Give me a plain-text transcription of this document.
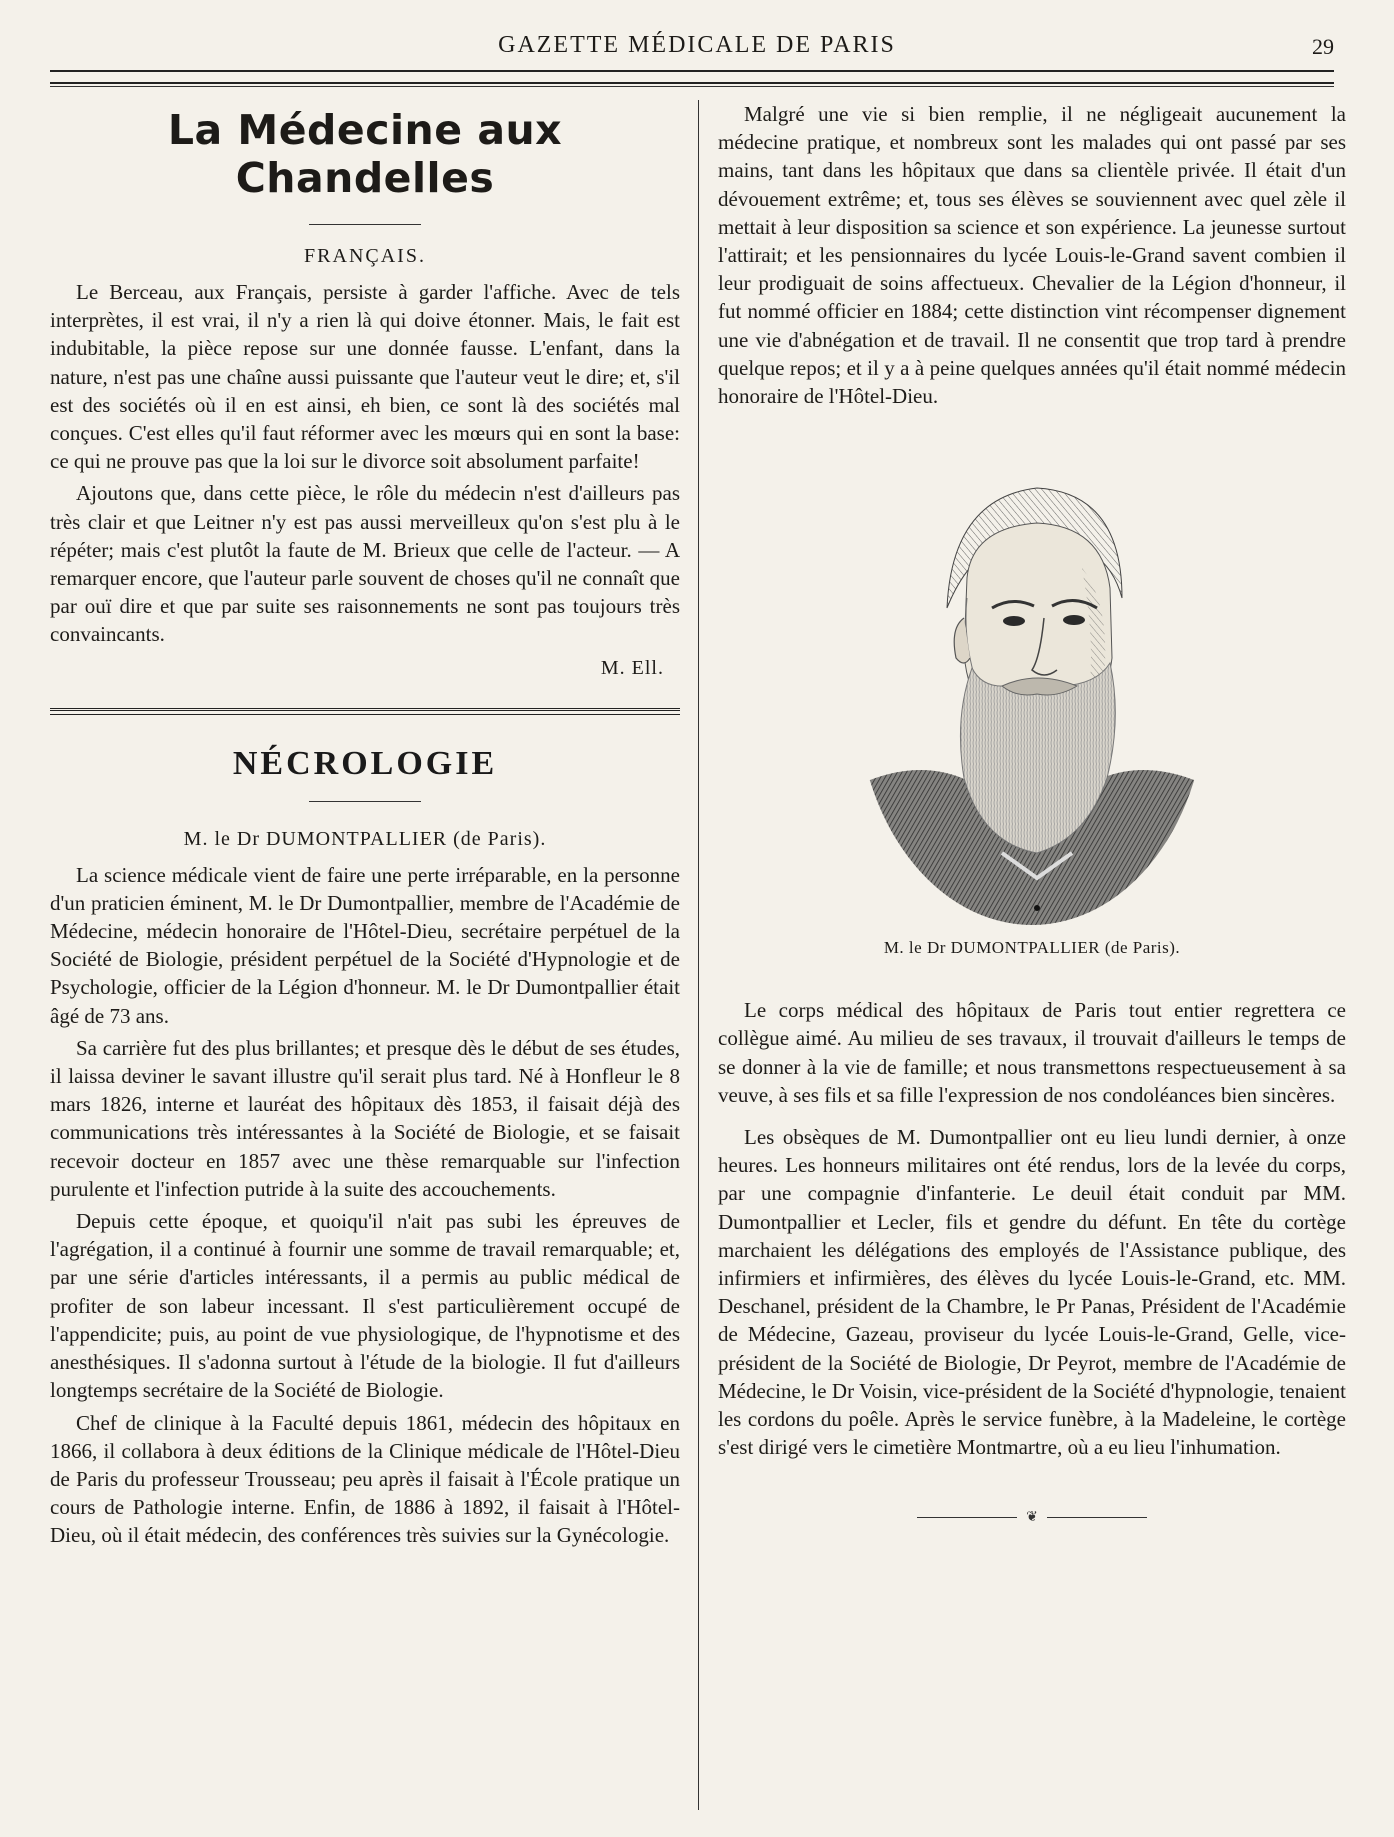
GAZETTE MÉDICALE DE PARIS	29
La Médecine aux Chandelles
FRANÇAIS.

Le Berceau, aux Français, persiste à garder l'affiche. Avec de tels interprètes, il est vrai, il n'y a rien là qui doive étonner. Mais, le fait est indubitable, la pièce repose sur une donnée fausse. L'enfant, dans la nature, n'est pas une chaîne aussi puissante que l'auteur veut le dire; et, s'il est des sociétés où il en est ainsi, eh bien, ce sont là des sociétés mal conçues. C'est elles qu'il faut réformer avec les mœurs qui en sont la base: ce qui ne prouve pas que la loi sur le divorce soit absolument parfaite!

Ajoutons que, dans cette pièce, le rôle du médecin n'est d'ailleurs pas très clair et que Leitner n'y est pas aussi merveilleux qu'on s'est plu à le répéter; mais c'est plutôt la faute de M. Brieux que celle de l'acteur. — A remarquer encore, que l'auteur parle souvent de choses qu'il ne connaît que par ouï dire et que par suite ses raisonnements ne sont pas toujours très convaincants.

M. Ell.
NÉCROLOGIE
M. le Dr DUMONTPALLIER (de Paris).

La science médicale vient de faire une perte irréparable, en la personne d'un praticien éminent, M. le Dr Dumontpallier, membre de l'Académie de Médecine, médecin honoraire de l'Hôtel-Dieu, secrétaire perpétuel de la Société de Biologie, président perpétuel de la Société d'Hypnologie et de Psychologie, officier de la Légion d'honneur. M. le Dr Dumontpallier était âgé de 73 ans.

Sa carrière fut des plus brillantes; et presque dès le début de ses études, il laissa deviner le savant illustre qu'il serait plus tard. Né à Honfleur le 8 mars 1826, interne et lauréat des hôpitaux dès 1853, il faisait déjà des communications très intéressantes à la Société de Biologie, et se faisait recevoir docteur en 1857 avec une thèse remarquable sur l'infection purulente et l'infection putride à la suite des accouchements.

Depuis cette époque, et quoiqu'il n'ait pas subi les épreuves de l'agrégation, il a continué à fournir une somme de travail remarquable; et, par une série d'articles intéressants, il a permis au public médical de profiter de son labeur incessant. Il s'est particulièrement occupé de l'appendicite; puis, au point de vue physiologique, de l'hypnotisme et des anesthésiques. Il s'adonna surtout à l'étude de la biologie. Il fut d'ailleurs longtemps secrétaire de la Société de Biologie.

Chef de clinique à la Faculté depuis 1861, médecin des hôpitaux en 1866, il collabora à deux éditions de la Clinique médicale de l'Hôtel-Dieu de Paris du professeur Trousseau; peu après il faisait à l'École pratique un cours de Pathologie interne. Enfin, de 1886 à 1892, il faisait à l'Hôtel-Dieu, où il était médecin, des conférences très suivies sur la Gynécologie.

Malgré une vie si bien remplie, il ne négligeait aucunement la médecine pratique, et nombreux sont les malades qui ont passé par ses mains, tant dans les hôpitaux que dans sa clientèle privée. Il était d'un dévouement extrême; et, tous ses élèves se souviennent avec quel zèle il mettait à leur disposition sa science et son expérience. La jeunesse surtout l'attirait; et les pensionnaires du lycée Louis-le-Grand savent combien il leur prodiguait de soins affectueux. Chevalier de la Légion d'honneur, il fut nommé officier en 1884; cette distinction vint récompenser dignement une vie d'abnégation et de travail. Il ne consentit que trop tard à prendre quelque repos; et il y a à peine quelques années qu'il était nommé médecin honoraire de l'Hôtel-Dieu.

M. le Dr DUMONTPALLIER (de Paris).

Le corps médical des hôpitaux de Paris tout entier regrettera ce collègue aimé. Au milieu de ses travaux, il trouvait d'ailleurs le temps de se donner à la vie de famille; et nous transmettons respectueusement à sa veuve, à ses fils et sa fille l'expression de nos condoléances bien sincères.

Les obsèques de M. Dumontpallier ont eu lieu lundi dernier, à onze heures. Les honneurs militaires ont été rendus, lors de la levée du corps, par une compagnie d'infanterie. Le deuil était conduit par MM. Dumontpallier et Lecler, fils et gendre du défunt. En tête du cortège marchaient les délégations des employés de l'Assistance publique, des infirmiers et infirmières, des élèves du lycée Louis-le-Grand, etc. MM. Deschanel, président de la Chambre, le Pr Panas, Président de l'Académie de Médecine, Gazeau, proviseur du lycée Louis-le-Grand, Gelle, vice-président de la Société de Biologie, Dr Peyrot, membre de l'Académie de Médecine, le Dr Voisin, vice-président de la Société d'hypnologie, tenaient les cordons du poêle. Après le service funèbre, à la Madeleine, le cortège s'est dirigé vers le cimetière Montmartre, où a eu lieu l'inhumation.

❦
